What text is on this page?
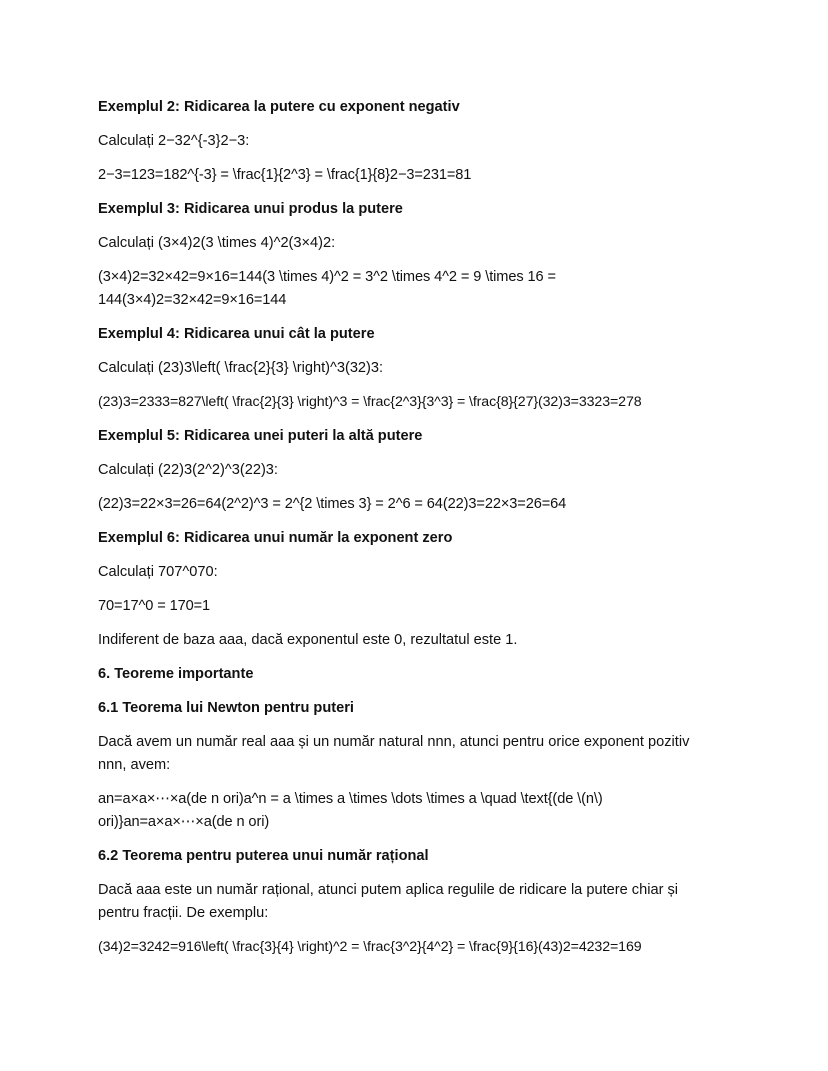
Exemplul 2: Ridicarea la putere cu exponent negativ
Calculați 2−32^{-3}2−3:
2−3=123=182^{-3} = \frac{1}{2^3} = \frac{1}{8}2−3=231=81
Exemplul 3: Ridicarea unui produs la putere
Calculați (3×4)2(3 \times 4)^2(3×4)2:
(3×4)2=32×42=9×16=144(3 \times 4)^2 = 3^2 \times 4^2 = 9 \times 16 = 144(3×4)2=32×42=9×16=144
Exemplul 4: Ridicarea unui cât la putere
Calculați (23)3\left( \frac{2}{3} \right)^3(32)3:
(23)3=2333=827\left( \frac{2}{3} \right)^3 = \frac{2^3}{3^3} = \frac{8}{27}(32)3=3323=278
Exemplul 5: Ridicarea unei puteri la altă putere
Calculați (22)3(2^2)^3(22)3:
(22)3=22×3=26=64(2^2)^3 = 2^{2 \times 3} = 2^6 = 64(22)3=22×3=26=64
Exemplul 6: Ridicarea unui număr la exponent zero
Calculați 707^070:
70=17^0 = 170=1
Indiferent de baza aaa, dacă exponentul este 0, rezultatul este 1.
6. Teoreme importante
6.1 Teorema lui Newton pentru puteri
Dacă avem un număr real aaa și un număr natural nnn, atunci pentru orice exponent pozitiv nnn, avem:
an=a×a×⋯×a(de n ori)a^n = a \times a \times \dots \times a \quad \text{(de \(n\) ori)}an=a×a×⋯×a(de n ori)
6.2 Teorema pentru puterea unui număr rațional
Dacă aaa este un număr rațional, atunci putem aplica regulile de ridicare la putere chiar și pentru fracții. De exemplu:
(34)2=3242=916\left( \frac{3}{4} \right)^2 = \frac{3^2}{4^2} = \frac{9}{16}(43)2=4232=169
